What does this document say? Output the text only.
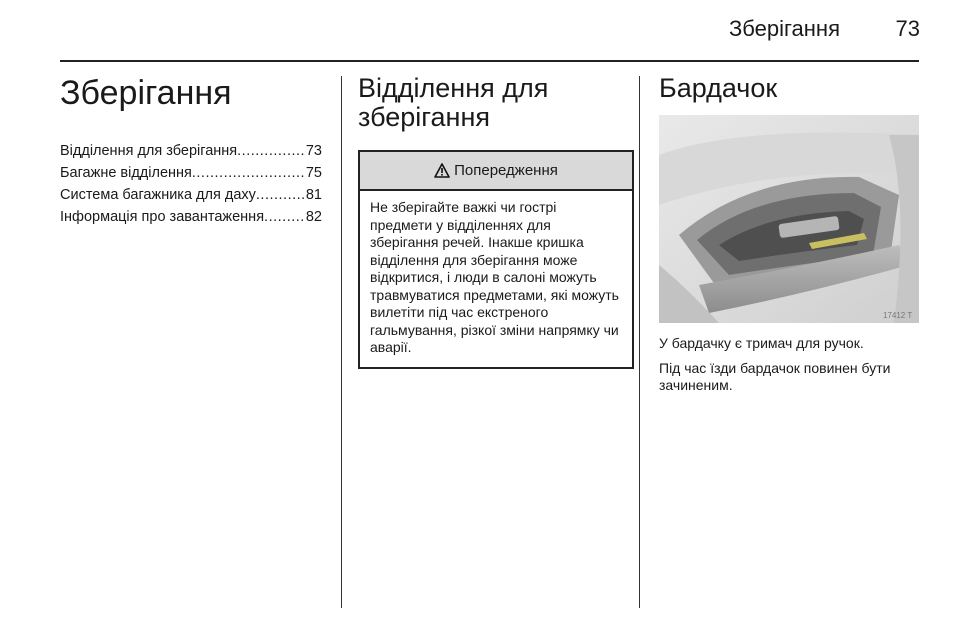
Зберігання	73
Зберігання
Відділення для зберігання .....	73
Багажне відділення .....	75
Система багажника для даху .....	81
Інформація про завантаження .....	82
Відділення для
зберігання
Попередження
Не зберігайте важкі чи гострі предмети у відділеннях для зберігання речей. Інакше кришка відділення для зберігання може відкритися, і люди в салоні можуть травмуватися предметами, які можуть вилетіти під час екстреного гальмування, різкої зміни напрямку чи аварії.
Бардачок
17412 T

У бардачку є тримач для ручок.

Під час їзди бардачок повинен бути зачиненим.
